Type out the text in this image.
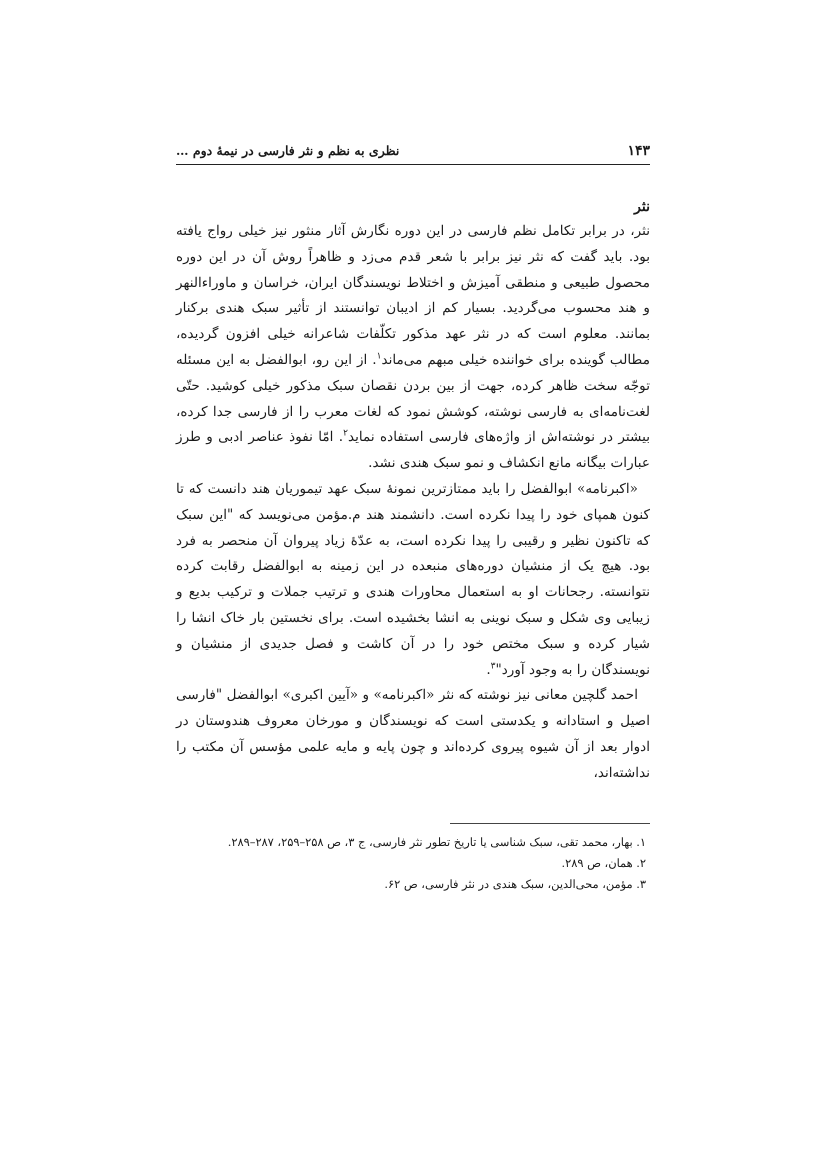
۱۴۳
نظری به نظم و نثر فارسی در نیمهٔ دوم …
نثر

نثر، در برابر تکامل نظم فارسی در این دوره نگارش آثار منثور نیز خیلی رواج یافته بود. باید گفت که نثر نیز برابر با شعر قدم می‌زد و ظاهراً روش آن در این دوره محصول طبیعی و منطقی آمیزش و اختلاط نویسندگان ایران، خراسان و ماوراءالنهر و هند محسوب می‌گردید. بسیار کم از ادیبان توانستند از تأثیر سبک هندی برکنار بمانند. معلوم است که در نثر عهد مذکور تکلّفات شاعرانه خیلی افزون گردیده، مطالب گوینده برای خواننده خیلی مبهم می‌ماند$^۱$. از این رو، ابوالفضل به این مسئله توجّه سخت ظاهر کرده، جهت از بین بردن نقصان سبک مذکور خیلی کوشید. حتّی لغت‌نامه‌ای به فارسی نوشته، کوشش نمود که لغات معرب را از فارسی جدا کرده، بیشتر در نوشته‌اش از واژه‌های فارسی استفاده نماید$^۲$. امّا نفوذ عناصر ادبی و طرز عبارات بیگانه مانع انکشاف و نمو سبک هندی نشد.

«اکبرنامه» ابوالفضل را باید ممتازترین نمونهٔ سبک عهد تیموریان هند دانست که تا کنون همپای خود را پیدا نکرده است. دانشمند هند م.مؤمن می‌نویسد که "این سبک که تاکنون نظیر و رقیبی را پیدا نکرده است، به عدّهٔ زیاد پیروان آن منحصر به فرد بود. هیچ یک از منشیان دوره‌های منبعده در این زمینه به ابوالفضل رقابت کرده نتوانسته. رجحانات او به استعمال محاورات هندی و ترتیب جملات و ترکیب بدیع و زیبایی وی شکل و سبک نوینی به انشا بخشیده است. برای نخستین بار خاک انشا را شیار کرده و سبک مختص خود را در آن کاشت و فصل جدیدی از منشیان و نویسندگان را به وجود آورد"$^۳$.

احمد گلچین معانی نیز نوشته که نثر «اکبرنامه» و «آیین اکبری» ابوالفضل "فارسی اصیل و استادانه و یکدستی است که نویسندگان و مورخان معروف هندوستان در ادوار بعد از آن شیوه پیروی کرده‌اند و چون پایه و مایه علمی مؤسس آن مکتب را نداشته‌اند،

۱. بهار، محمد تقی، سبک شناسی یا تاریخ تطور نثر فارسی، ج ۳، ص ۲۵۸–۲۵۹، ۲۸۷–۲۸۹.
۲. همان، ص ۲۸۹.
۳. مؤمن، محی‌الدین، سبک هندی در نثر فارسی، ص ۶۲.
